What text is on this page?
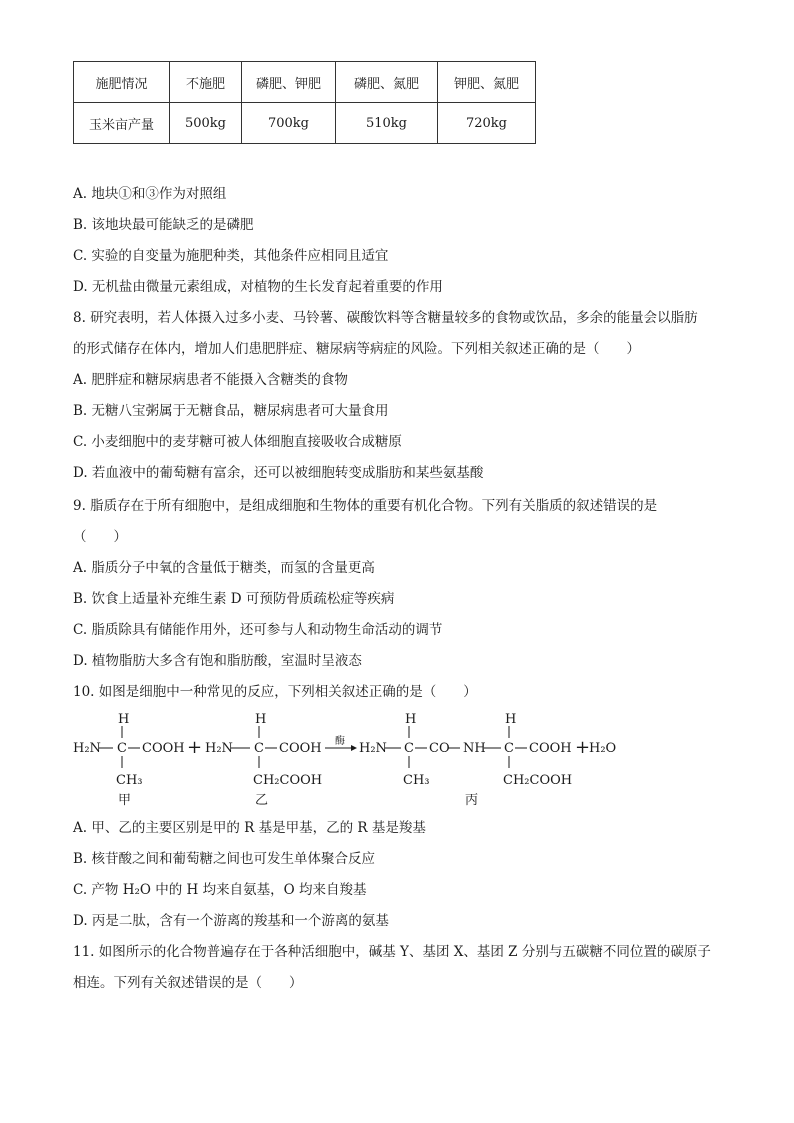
施肥情况	不施肥	磷肥、钾肥	磷肥、氮肥	钾肥、氮肥
玉米亩产量	500kg	700kg	510kg	720kg
A. 地块①和③作为对照组
B. 该地块最可能缺乏的是磷肥
C. 实验的自变量为施肥种类，其他条件应相同且适宜
D. 无机盐由微量元素组成，对植物的生长发育起着重要的作用
8. 研究表明，若人体摄入过多小麦、马铃薯、碳酸饮料等含糖量较多的食物或饮品，多余的能量会以脂肪
的形式储存在体内，增加人们患肥胖症、糖尿病等病症的风险。下列相关叙述正确的是（　　）
A. 肥胖症和糖尿病患者不能摄入含糖类的食物
B. 无糖八宝粥属于无糖食品，糖尿病患者可大量食用
C. 小麦细胞中的麦芽糖可被人体细胞直接吸收合成糖原
D. 若血液中的葡萄糖有富余，还可以被细胞转变成脂肪和某些氨基酸
9. 脂质存在于所有细胞中，是组成细胞和生物体的重要有机化合物。下列有关脂质的叙述错误的是
（　　）
A. 脂质分子中氧的含量低于糖类，而氢的含量更高
B. 饮食上适量补充维生素 D 可预防骨质疏松症等疾病
C. 脂质除具有储能作用外，还可参与人和动物生命活动的调节
D. 植物脂肪大多含有饱和脂肪酸，室温时呈液态
10. 如图是细胞中一种常见的反应，下列相关叙述正确的是（　　）
H
H₂N C COOH
CH₃
甲
+
H
H₂N C COOH
CH₂COOH
乙
酶 H₂N
H
C
CH₃
CO NH
H
C COOH
CH₂COOH
丙
+
H₂O
A. 甲、乙的主要区别是甲的 R 基是甲基，乙的 R 基是羧基
B. 核苷酸之间和葡萄糖之间也可发生单体聚合反应
C. 产物 H₂O 中的 H 均来自氨基，O 均来自羧基
D. 丙是二肽，含有一个游离的羧基和一个游离的氨基
11. 如图所示的化合物普遍存在于各种活细胞中，碱基 Y、基团 X、基团 Z 分别与五碳糖不同位置的碳原子
相连。下列有关叙述错误的是（　　）
